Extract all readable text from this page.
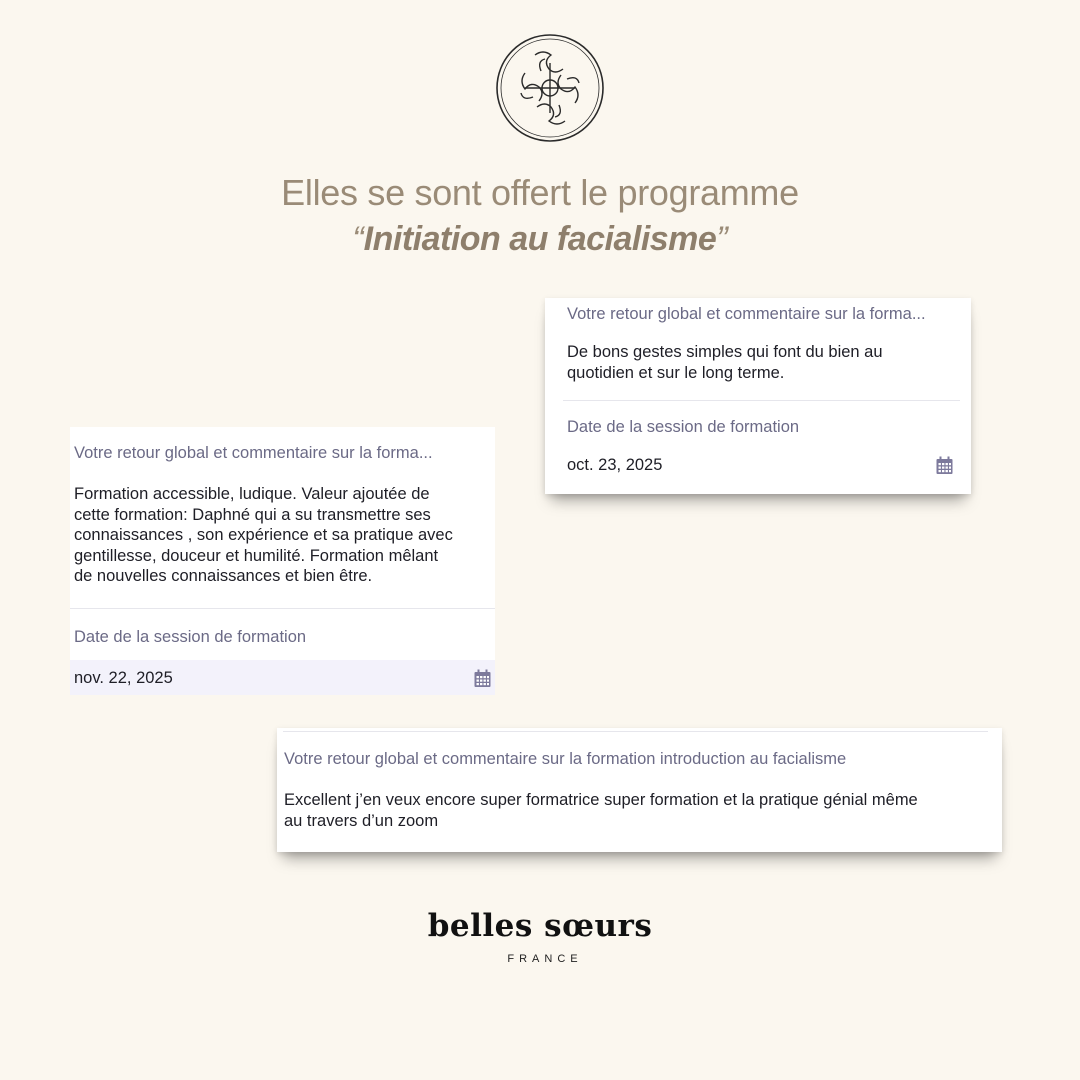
Elles se sont offert le programme
“Initiation au facialisme”
Votre retour global et commentaire sur la forma...
De bons gestes simples qui font du bien au
quotidien et sur le long terme.
Date de la session de formation
oct. 23, 2025
Votre retour global et commentaire sur la forma...
Formation accessible, ludique. Valeur ajoutée de
cette formation: Daphné qui a su transmettre ses
connaissances , son expérience et sa pratique avec
gentillesse, douceur et humilité. Formation mêlant
de nouvelles connaissances et bien être.
Date de la session de formation
nov. 22, 2025
Votre retour global et commentaire sur la formation introduction au facialisme
Excellent j’en veux encore super formatrice super formation et la pratique génial même
au travers d’un zoom
belles sœurs
FRANCE
